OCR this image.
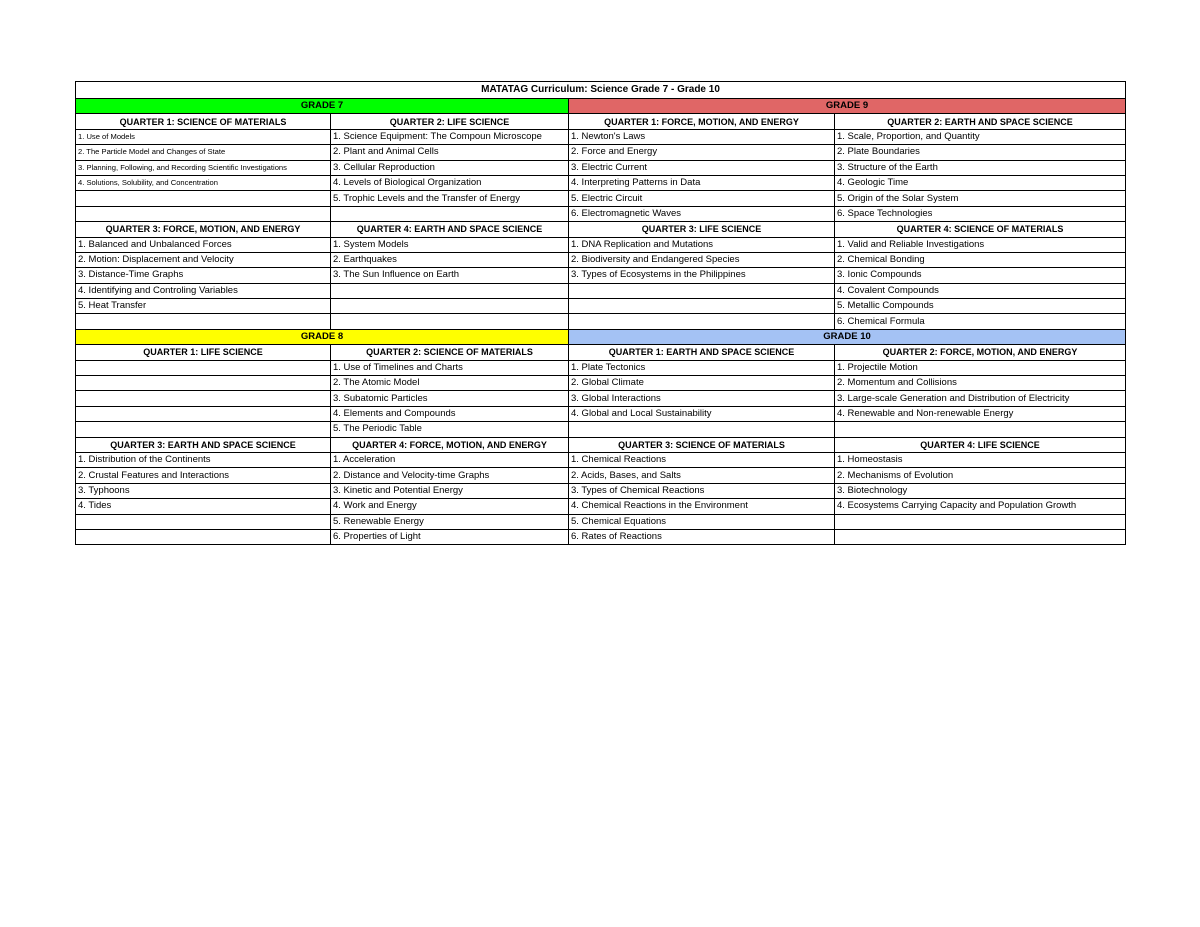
MATATAG Curriculum: Science Grade 7 - Grade 10			
GRADE 7		GRADE 9	
QUARTER 1: SCIENCE OF MATERIALS	QUARTER 2: LIFE SCIENCE	QUARTER 1: FORCE, MOTION, AND ENERGY	QUARTER 2: EARTH AND SPACE SCIENCE
1. Use of Models	1. Science Equipment: The Compoun Microscope	1. Newton's Laws	1. Scale, Proportion, and Quantity
2. The Particle Model and Changes of State	2. Plant and Animal Cells	2. Force and Energy	2. Plate Boundaries
3. Planning, Following, and Recording Scientific Investigations	3. Cellular Reproduction	3. Electric Current	3. Structure of the Earth
4. Solutions, Solubility, and Concentration	4. Levels of Biological Organization	4. Interpreting Patterns in Data	4. Geologic Time
	5. Trophic Levels and the Transfer of Energy	5. Electric Circuit	5. Origin of the Solar System
		6. Electromagnetic Waves	6. Space Technologies
QUARTER 3: FORCE, MOTION, AND ENERGY	QUARTER 4: EARTH AND SPACE SCIENCE	QUARTER 3: LIFE SCIENCE	QUARTER 4: SCIENCE OF MATERIALS
1. Balanced and Unbalanced Forces	1. System Models	1. DNA Replication and Mutations	1. Valid and Reliable Investigations
2. Motion: Displacement and Velocity	2. Earthquakes	2. Biodiversity and Endangered Species	2. Chemical Bonding
3. Distance-Time Graphs	3. The Sun Influence on Earth	3. Types of Ecosystems in the Philippines	3. Ionic Compounds
4. Identifying and Controling Variables			4. Covalent Compounds
5. Heat Transfer			5. Metallic Compounds
			6. Chemical Formula
GRADE 8		GRADE 10	
QUARTER 1: LIFE SCIENCE	QUARTER 2: SCIENCE OF MATERIALS	QUARTER 1: EARTH AND SPACE SCIENCE	QUARTER 2: FORCE, MOTION, AND ENERGY
	1. Use of Timelines and Charts	1. Plate Tectonics	1. Projectile Motion
	2. The Atomic Model	2. Global Climate	2. Momentum and Collisions
	3. Subatomic Particles	3. Global Interactions	3. Large-scale Generation and Distribution of Electricity
	4. Elements and Compounds	4. Global and Local Sustainability	4. Renewable and Non-renewable Energy
	5. The Periodic Table		
QUARTER 3: EARTH AND SPACE SCIENCE	QUARTER 4: FORCE, MOTION, AND ENERGY	QUARTER 3: SCIENCE OF MATERIALS	QUARTER 4: LIFE SCIENCE
1. Distribution of the Continents	1. Acceleration	1. Chemical Reactions	1. Homeostasis
2. Crustal Features and Interactions	2. Distance and Velocity-time Graphs	2. Acids, Bases, and Salts	2. Mechanisms of Evolution
3. Typhoons	3. Kinetic and Potential Energy	3. Types of Chemical Reactions	3. Biotechnology
4. Tides	4. Work and Energy	4. Chemical Reactions in the Environment	4. Ecosystems Carrying Capacity and Population Growth
	5. Renewable Energy	5. Chemical Equations	
	6. Properties of Light	6. Rates of Reactions	
